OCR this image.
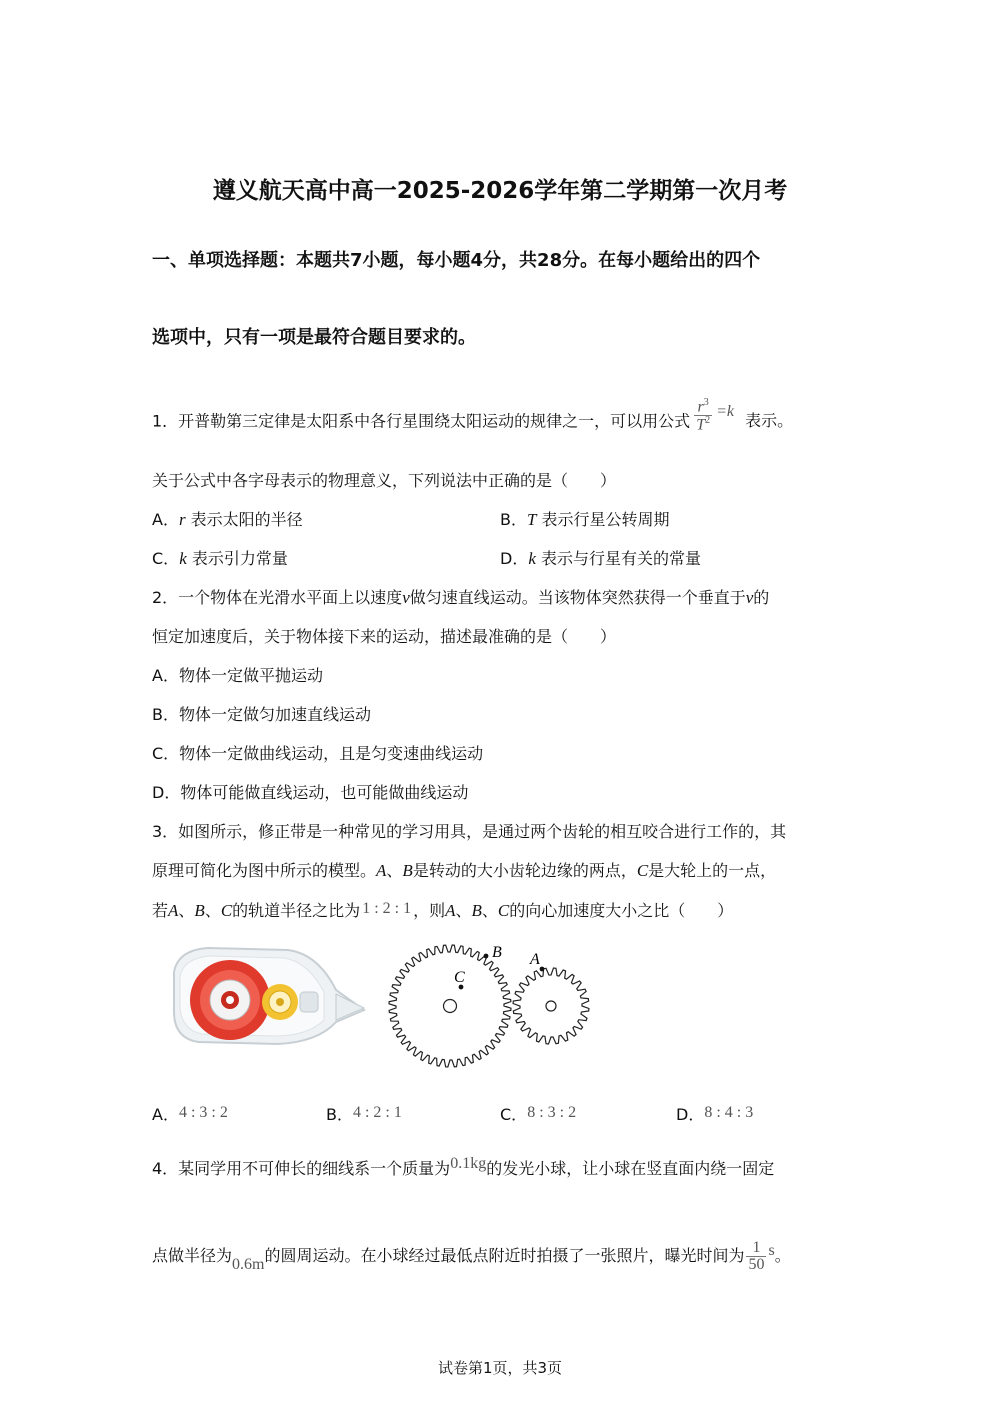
遵义航天高中高一2025-2026学年第二学期第一次月考
一、单项选择题：本题共7小题，每小题4分，共28分。在每小题给出的四个
选项中，只有一项是最符合题目要求的。
1．开普勒第三定律是太阳系中各行星围绕太阳运动的规律之一，可以用公式 $\frac{r^3}{T^2} =k$ 表示。
关于公式中各字母表示的物理意义，下列说法中正确的是（　　）
A．r 表示太阳的半径	B．T 表示行星公转周期
C．k 表示引力常量	D．k 表示与行星有关的常量
2．一个物体在光滑水平面上以速度v做匀速直线运动。当该物体突然获得一个垂直于v的
恒定加速度后，关于物体接下来的运动，描述最准确的是（　　）
A．物体一定做平抛运动
B．物体一定做匀加速直线运动
C．物体一定做曲线运动，且是匀变速曲线运动
D．物体可能做直线运动，也可能做曲线运动
3．如图所示，修正带是一种常见的学习用具，是通过两个齿轮的相互咬合进行工作的，其
原理可简化为图中所示的模型。A、B是转动的大小齿轮边缘的两点，C是大轮上的一点，
若A、B、C的轨道半径之比为 1 : 2 : 1 ，则A、B、C的向心加速度大小之比（　　）
C
B A
A．4 : 3 : 2	B．4 : 2 : 1	C．8 : 3 : 2	D．8 : 4 : 3
4．某同学用不可伸长的细线系一个质量为0.1kg的发光小球，让小球在竖直面内绕一固定
点做半径为0.6m的圆周运动。在小球经过最低点附近时拍摄了一张照片，曝光时间为 $\frac{1}{50}$ s。
试卷第1页，共3页
